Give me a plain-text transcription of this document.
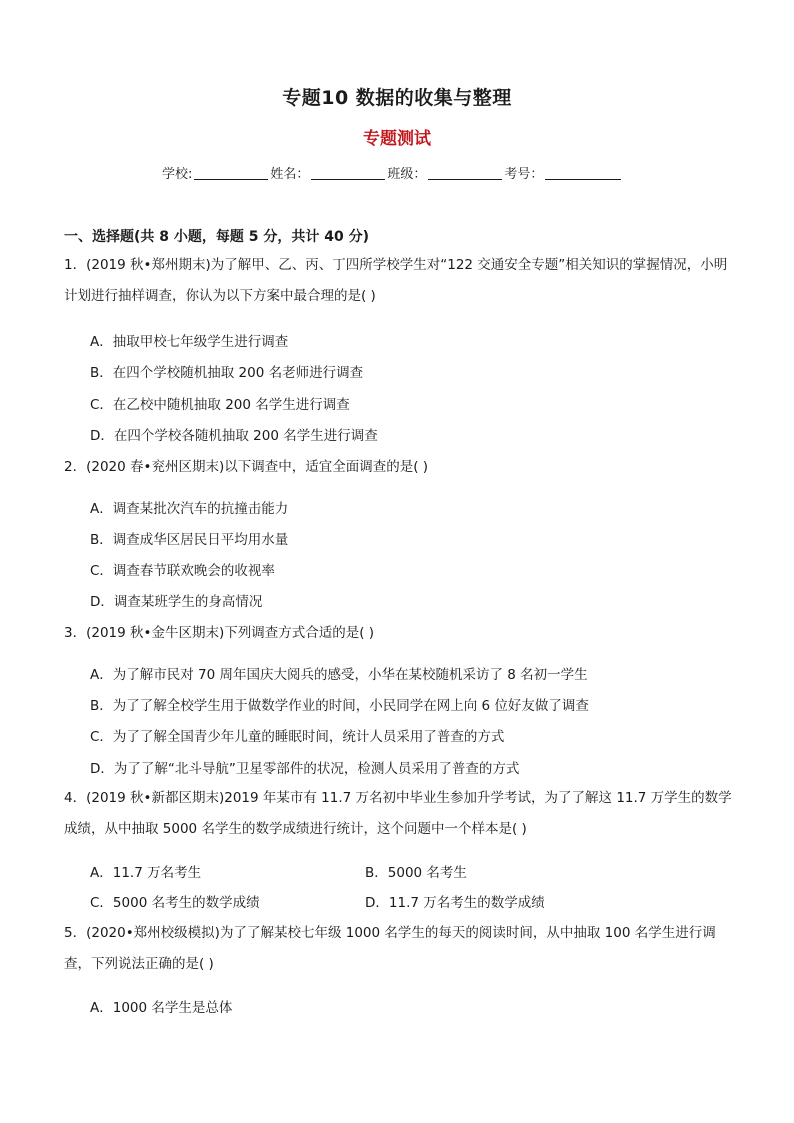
专题10 数据的收集与整理
专题测试
学校:	姓名：	班级：	考号：
一、选择题(共 8 小题，每题 5 分，共计 40 分)
1．(2019 秋•郑州期末)为了解甲、乙、丙、丁四所学校学生对“122 交通安全专题”相关知识的掌握情况，小明计划进行抽样调查，你认为以下方案中最合理的是( )
A．抽取甲校七年级学生进行调查
B．在四个学校随机抽取 200 名老师进行调查
C．在乙校中随机抽取 200 名学生进行调查
D．在四个学校各随机抽取 200 名学生进行调查
2．(2020 春•兖州区期末)以下调查中，适宜全面调查的是( )
A．调查某批次汽车的抗撞击能力
B．调查成华区居民日平均用水量
C．调查春节联欢晚会的收视率
D．调查某班学生的身高情况
3．(2019 秋•金牛区期末)下列调查方式合适的是( )
A．为了解市民对 70 周年国庆大阅兵的感受，小华在某校随机采访了 8 名初一学生
B．为了了解全校学生用于做数学作业的时间，小民同学在网上向 6 位好友做了调查
C．为了了解全国青少年儿童的睡眠时间，统计人员采用了普查的方式
D．为了了解“北斗导航”卫星零部件的状况，检测人员采用了普查的方式
4．(2019 秋•新都区期末)2019 年某市有 11.7 万名初中毕业生参加升学考试，为了了解这 11.7 万学生的数学成绩，从中抽取 5000 名学生的数学成绩进行统计，这个问题中一个样本是( )
A．11.7 万名考生	B．5000 名考生
C．5000 名考生的数学成绩	D．11.7 万名考生的数学成绩
5．(2020•郑州校级模拟)为了了解某校七年级 1000 名学生的每天的阅读时间，从中抽取 100 名学生进行调查，下列说法正确的是( )
A．1000 名学生是总体
